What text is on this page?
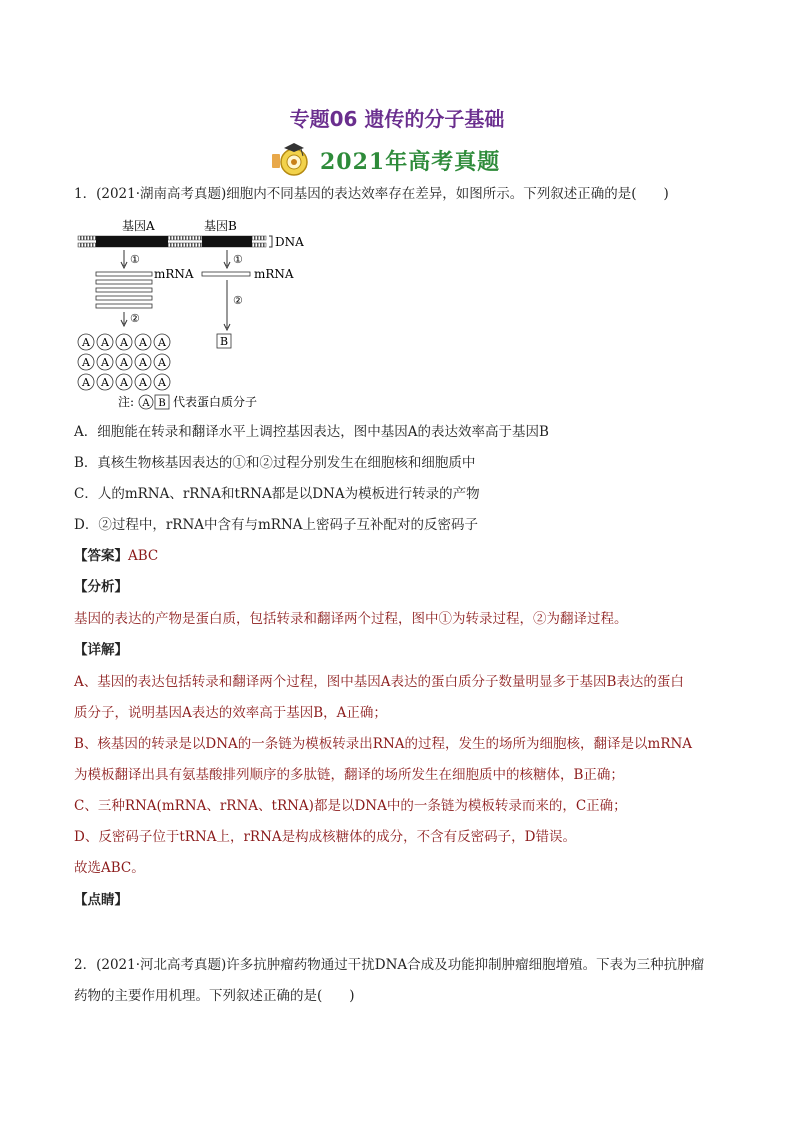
专题06 遗传的分子基础
2021年高考真题
1．(2021·湖南高考真题)细胞内不同基因的表达效率存在差异，如图所示。下列叙述正确的是(　　)
基因A	基因B
DNA
①	①
mRNA	mRNA
②
②
A A A A A
A A A A A
A A A A A
B
注: A B 代表蛋白质分子
A．细胞能在转录和翻译水平上调控基因表达，图中基因A的表达效率高于基因B
B．真核生物核基因表达的①和②过程分别发生在细胞核和细胞质中
C．人的mRNA、rRNA和tRNA都是以DNA为模板进行转录的产物
D．②过程中，rRNA中含有与mRNA上密码子互补配对的反密码子
【答案】ABC
【分析】
基因的表达的产物是蛋白质，包括转录和翻译两个过程，图中①为转录过程，②为翻译过程。
【详解】
A、基因的表达包括转录和翻译两个过程，图中基因A表达的蛋白质分子数量明显多于基因B表达的蛋白
质分子，说明基因A表达的效率高于基因B，A正确；
B、核基因的转录是以DNA的一条链为模板转录出RNA的过程，发生的场所为细胞核，翻译是以mRNA
为模板翻译出具有氨基酸排列顺序的多肽链，翻译的场所发生在细胞质中的核糖体，B正确；
C、三种RNA(mRNA、rRNA、tRNA)都是以DNA中的一条链为模板转录而来的，C正确；
D、反密码子位于tRNA上，rRNA是构成核糖体的成分，不含有反密码子，D错误。
故选ABC。
【点睛】
2．(2021·河北高考真题)许多抗肿瘤药物通过干扰DNA合成及功能抑制肿瘤细胞增殖。下表为三种抗肿瘤
药物的主要作用机理。下列叙述正确的是(　　)
